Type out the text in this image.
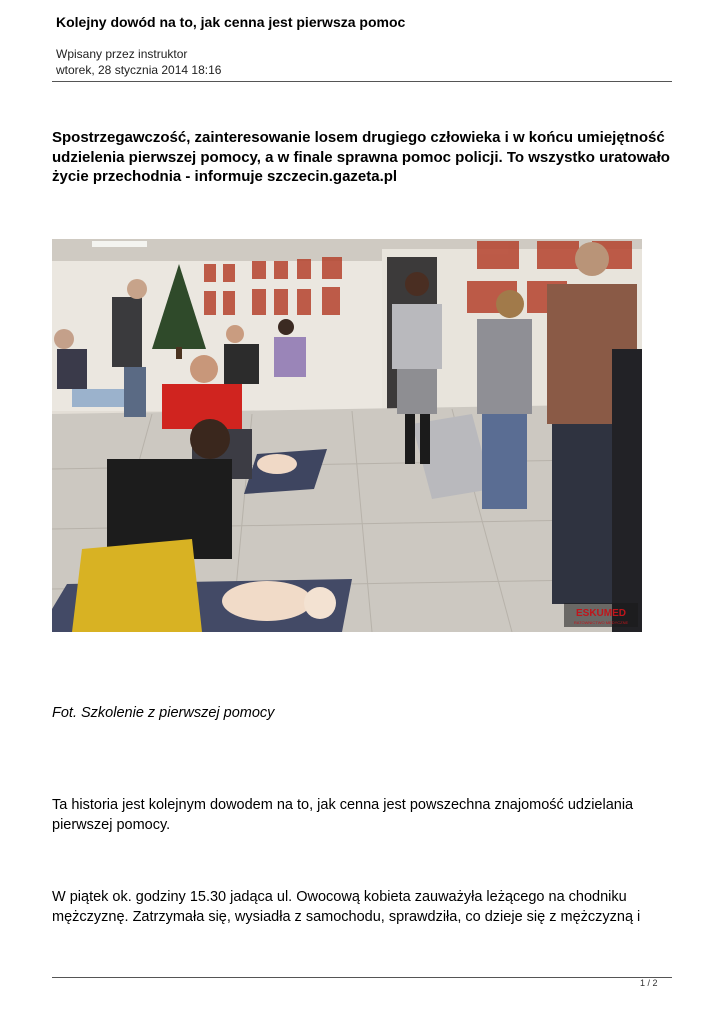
Kolejny dowód na to, jak cenna jest pierwsza pomoc
Wpisany przez instruktor
wtorek, 28 stycznia 2014 18:16
Spostrzegawczość, zainteresowanie losem drugiego człowieka i w końcu umiejętność
udzielenia pierwszej pomocy, a w finale sprawna pomoc policji. To wszystko uratowało
życie przechodnia - informuje szczecin.gazeta.pl
ESKUMED
RATOWNICTWO MEDYCZNE
Fot. Szkolenie z pierwszej pomocy
Ta historia jest kolejnym dowodem na to, jak cenna jest powszechna znajomość udzielania
pierwszej pomocy.
W piątek ok. godziny 15.30 jadąca ul. Owocową kobieta zauważyła leżącego na chodniku
mężczyznę. Zatrzymała się, wysiadła z samochodu, sprawdziła, co dzieje się z mężczyzną i
1 / 2
